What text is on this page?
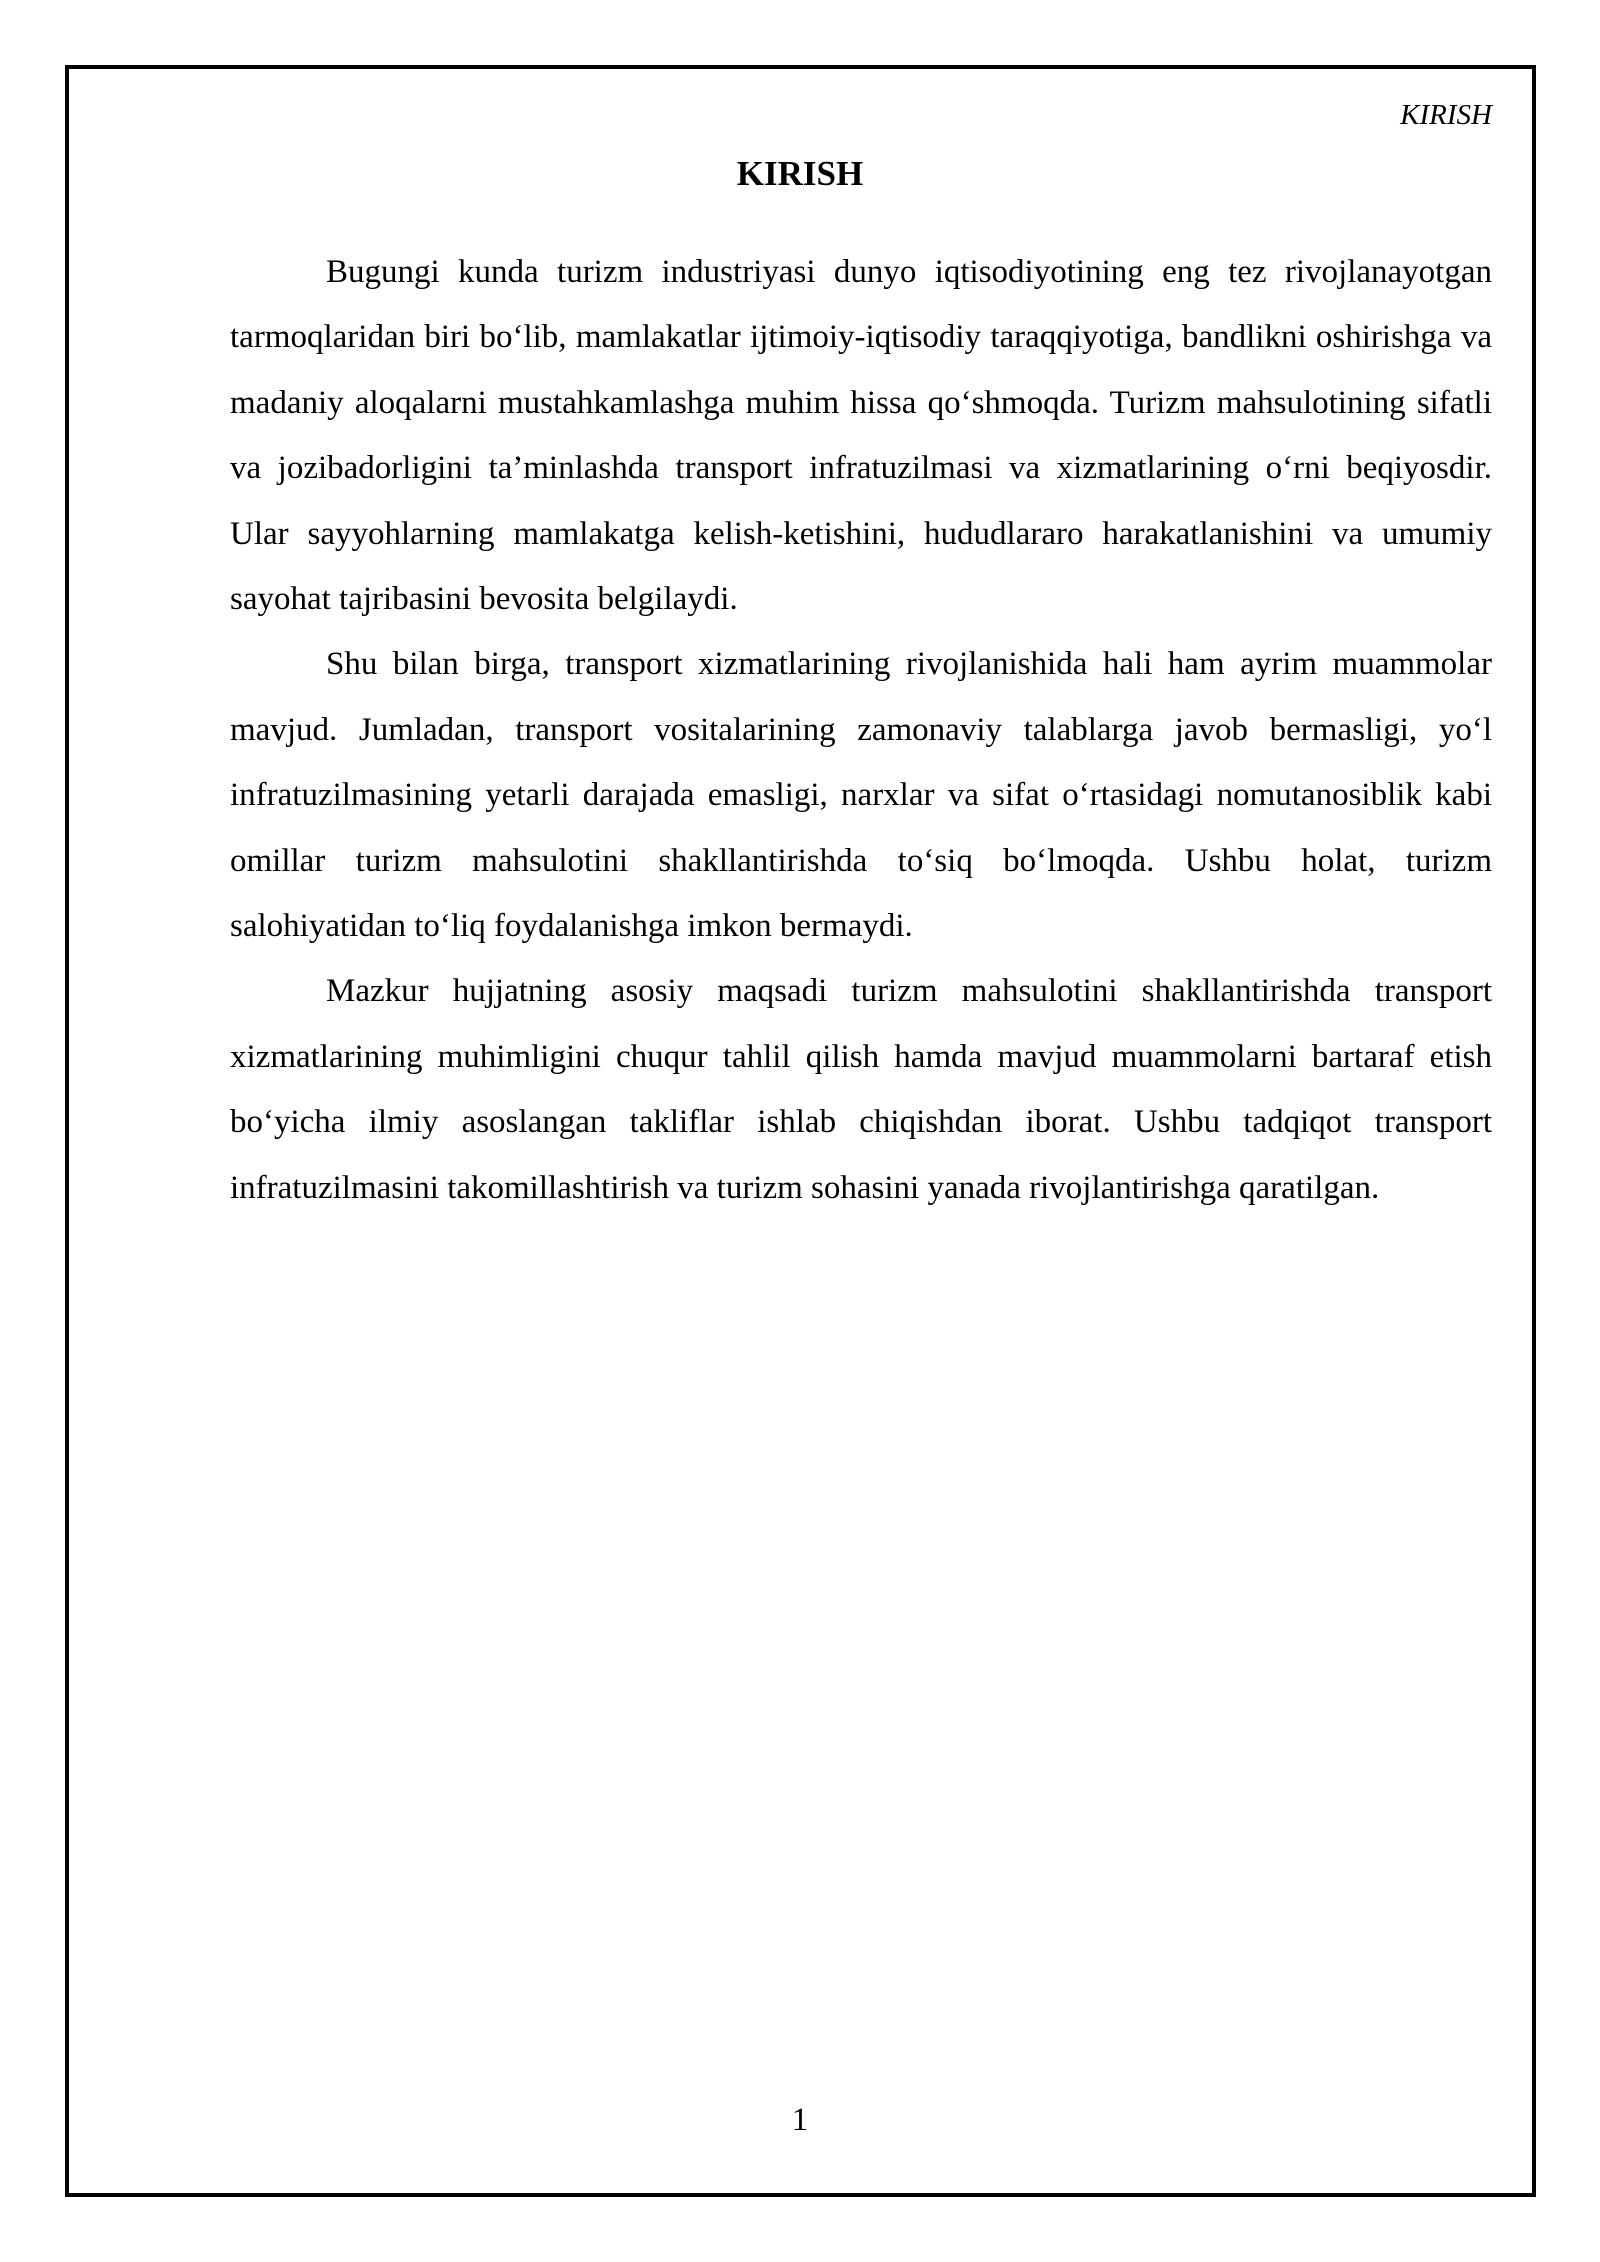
KIRISH
KIRISH

Bugungi kunda turizm industriyasi dunyo iqtisodiyotining eng tez rivojlanayotgan tarmoqlaridan biri bo‘lib, mamlakatlar ijtimoiy-iqtisodiy taraqqiyotiga, bandlikni oshirishga va madaniy aloqalarni mustahkamlashga muhim hissa qo‘shmoqda. Turizm mahsulotining sifatli va jozibadorligini ta’minlashda transport infratuzilmasi va xizmatlarining o‘rni beqiyosdir. Ular sayyohlarning mamlakatga kelish-ketishini, hududlararo harakatlanishini va umumiy sayohat tajribasini bevosita belgilaydi.

Shu bilan birga, transport xizmatlarining rivojlanishida hali ham ayrim muammolar mavjud. Jumladan, transport vositalarining zamonaviy talablarga javob bermasligi, yo‘l infratuzilmasining yetarli darajada emasligi, narxlar va sifat o‘rtasidagi nomutanosiblik kabi omillar turizm mahsulotini shakllantirishda to‘siq bo‘lmoqda. Ushbu holat, turizm salohiyatidan to‘liq foydalanishga imkon bermaydi.

Mazkur hujjatning asosiy maqsadi turizm mahsulotini shakllantirishda transport xizmatlarining muhimligini chuqur tahlil qilish hamda mavjud muammolarni bartaraf etish bo‘yicha ilmiy asoslangan takliflar ishlab chiqishdan iborat. Ushbu tadqiqot transport infratuzilmasini takomillashtirish va turizm sohasini yanada rivojlantirishga qaratilgan.

1
